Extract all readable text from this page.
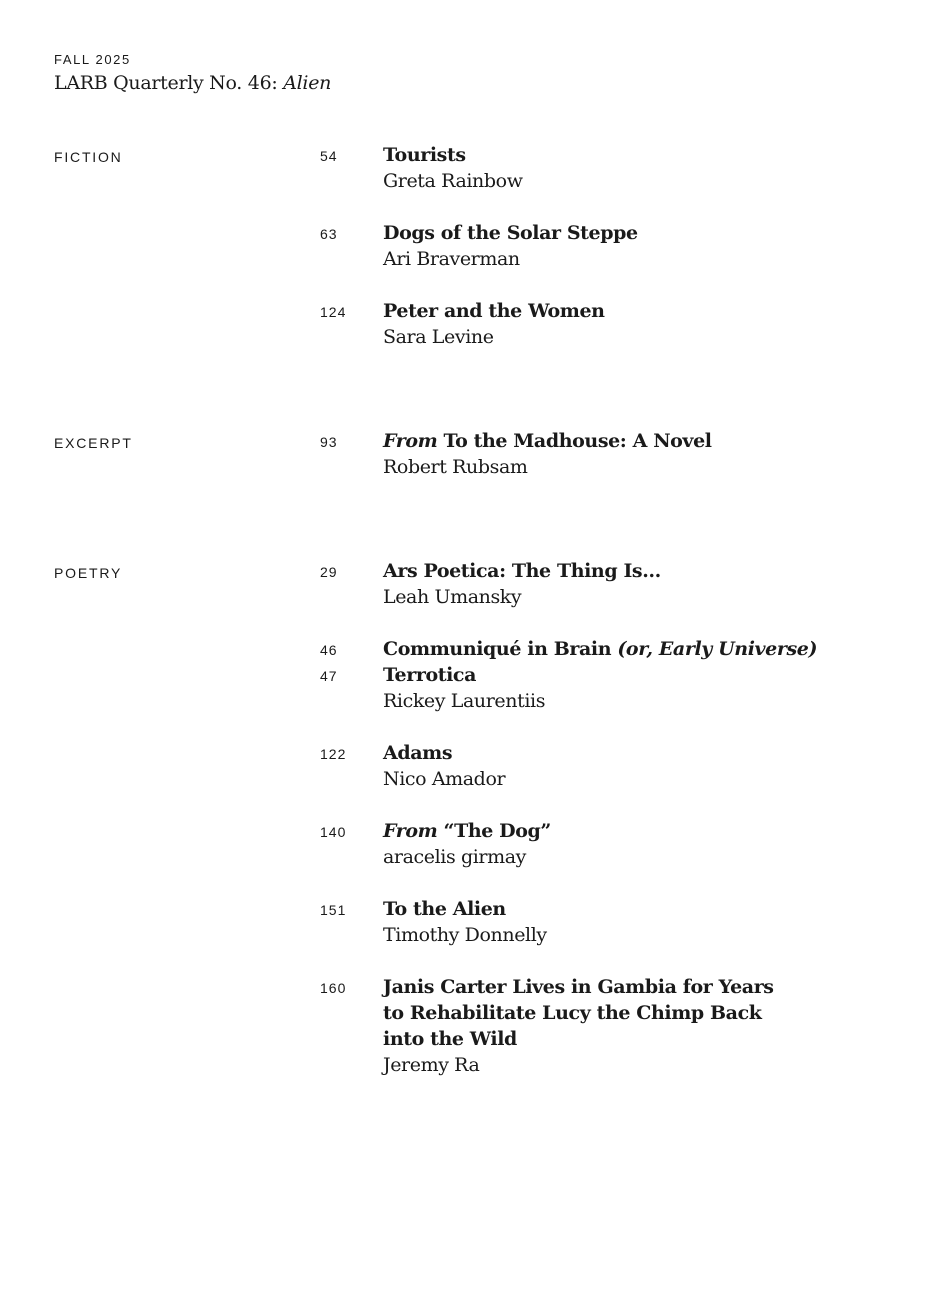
FALL 2025
LARB Quarterly No. 46: Alien
FICTION	54 Tourists
Greta Rainbow
63 Dogs of the Solar Steppe
Ari Braverman
124 Peter and the Women
Sara Levine
EXCERPT	93 From To the Madhouse: A Novel
Robert Rubsam
POETRY	29 Ars Poetica: The Thing Is…
Leah Umansky
46 Communiqué in Brain (or, Early Universe)
47 Terrotica
Rickey Laurentiis
122 Adams
Nico Amador
140 From “The Dog”
aracelis girmay
151 To the Alien
Timothy Donnelly
160 Janis Carter Lives in Gambia for Years
to Rehabilitate Lucy the Chimp Back
into the Wild
Jeremy Ra
